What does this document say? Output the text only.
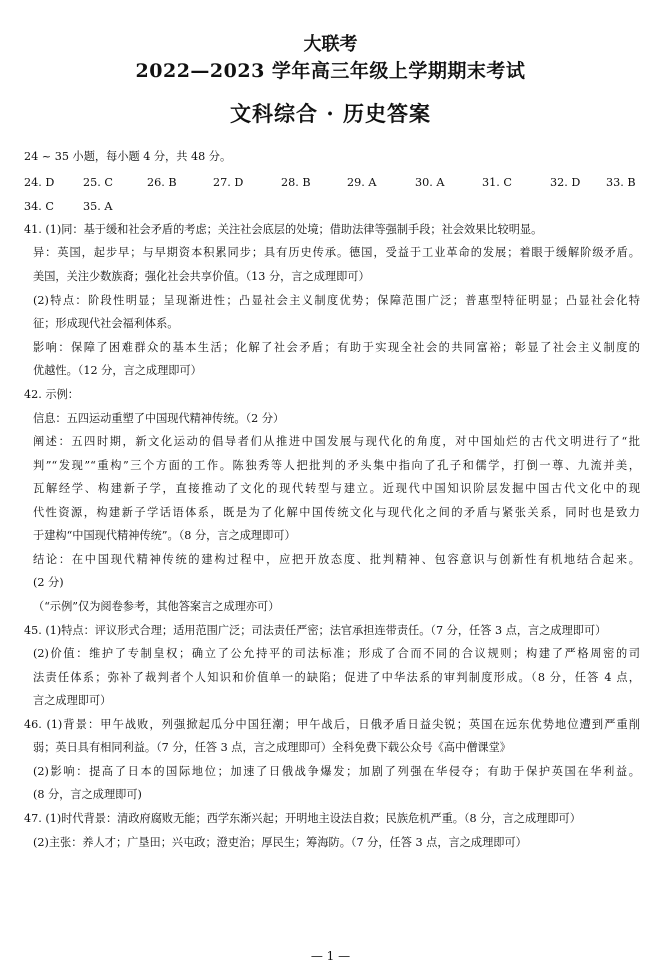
大联考
2022—2023 学年高三年级上学期期末考试
文科综合 · 历史答案
24 ~ 35 小题，每小题 4 分，共 48 分。
24. D	25. C	26. B	27. D	28. B	29. A	30. A	31. C	32. D 33. B
34. C	35. A
41. (1)同：基于缓和社会矛盾的考虑；关注社会底层的处境；借助法律等强制手段；社会效果比较明显。
异：英国，起步早；与早期资本积累同步；具有历史传承。德国，受益于工业革命的发展；着眼于缓解阶级矛盾。
美国，关注少数族裔；强化社会共享价值。（13 分，言之成理即可）
(2)特点：阶段性明显；呈现渐进性；凸显社会主义制度优势；保障范围广泛；普惠型特征明显；凸显社会化特
征；形成现代社会福利体系。
影响：保障了困难群众的基本生活；化解了社会矛盾；有助于实现全社会的共同富裕；彰显了社会主义制度的
优越性。（12 分，言之成理即可）
42. 示例：
信息：五四运动重塑了中国现代精神传统。（2 分）
阐述：五四时期，新文化运动的倡导者们从推进中国发展与现代化的角度，对中国灿烂的古代文明进行了“批
判”“发现”“重构”三个方面的工作。陈独秀等人把批判的矛头集中指向了孔子和儒学，打倒一尊、九流并美，
瓦解经学、构建新子学，直接推动了文化的现代转型与建立。近现代中国知识阶层发掘中国古代文化中的现
代性资源，构建新子学话语体系，既是为了化解中国传统文化与现代化之间的矛盾与紧张关系，同时也是致力
于建构“中国现代精神传统”。（8 分，言之成理即可）
结论：在中国现代精神传统的建构过程中，应把开放态度、批判精神、包容意识与创新性有机地结合起来。
(2 分)
（“示例”仅为阅卷参考，其他答案言之成理亦可）
45. (1)特点：评议形式合理；适用范围广泛；司法责任严密；法官承担连带责任。（7 分，任答 3 点，言之成理即可）
(2)价值：维护了专制皇权；确立了公允持平的司法标准；形成了合而不同的合议规则；构建了严格周密的司
法责任体系；弥补了裁判者个人知识和价值单一的缺陷；促进了中华法系的审判制度形成。（8 分，任答 4 点，
言之成理即可）
46. (1)背景：甲午战败，列强掀起瓜分中国狂潮；甲午战后，日俄矛盾日益尖锐；英国在远东优势地位遭到严重削
弱；英日具有相同利益。（7 分，任答 3 点，言之成理即可）全科免费下载公众号《高中僧课堂》
(2)影响：提高了日本的国际地位；加速了日俄战争爆发；加剧了列强在华侵夺；有助于保护英国在华利益。
(8 分，言之成理即可)
47. (1)时代背景：清政府腐败无能；西学东渐兴起；开明地主设法自救；民族危机严重。（8 分，言之成理即可）
(2)主张：养人才；广垦田；兴屯政；澄吏治；厚民生；筹海防。（7 分，任答 3 点，言之成理即可）
— 1 —
